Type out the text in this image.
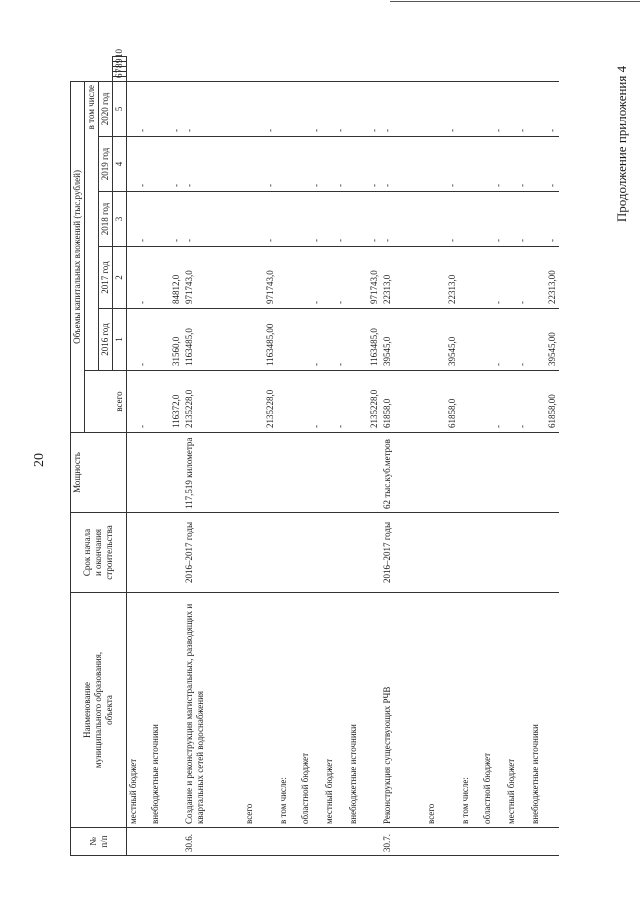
20
Продолжение приложения 4
№
п/п	Наименование
муниципального образования,
объекта	Срок начала
и окончания
строительства	Мощность	Объемы капитальных вложений (тыс.рублей)										
				всего	в том числе									
					2016 год	2017 год	2018 год	2019 год	2020 год					
					1	2	3	4	5	6	7	8	9	10
	местный бюджет			-	-	-	-	-	-					
	внебюджетные источники			116372,0	31560,0	84812,0	-	-	-					
30.6.	Создание и реконструкция магистральных, разводящих и квартальных сетей водоснабжения	2016–2017 годы	117,519 километра	2135228,0	1163485,0	971743,0	-	-	-					
	всего			2135228,0	1163485,00	971743,0	-	-	-					
	в том числе:													
	областной бюджет			-	-	-	-	-	-					
	местный бюджет			-	-	-	-	-	-					
	внебюджетные источники			2135228,0	1163485,0	971743,0	-	-	-					
30.7.	Реконструкция существующих РЧВ	2016–2017 годы	62 тыс.куб.метров	61858,0	39545,0	22313,0	-	-	-					
	всего			61858,0	39545,0	22313,0	-	-	-					
	в том числе:													
	областной бюджет			-	-	-	-	-	-					
	местный бюджет			-	-	-	-	-	-					
	внебюджетные источники			61858,00	39545,00	22313,00	-	-	-					
